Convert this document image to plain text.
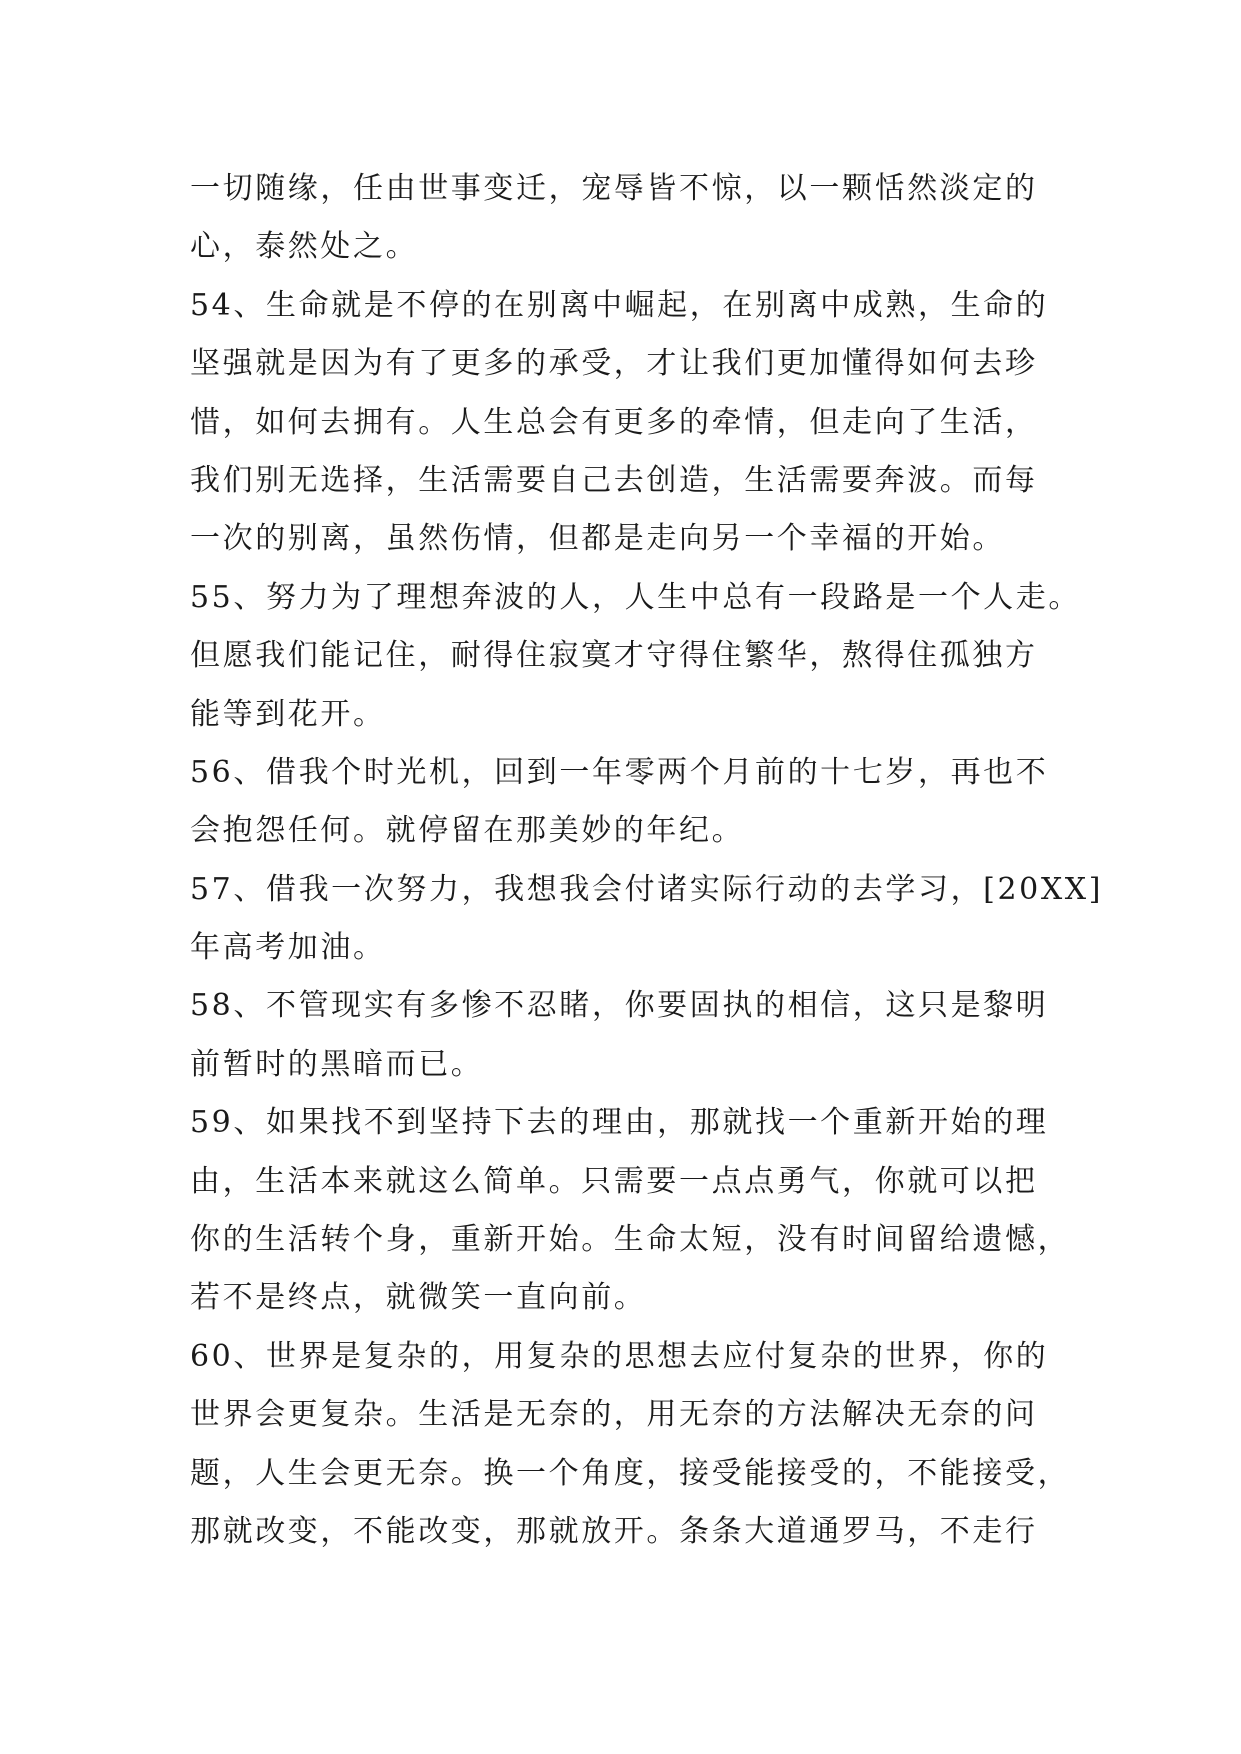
一切随缘，任由世事变迁，宠辱皆不惊，以一颗恬然淡定的
心，泰然处之。
54、生命就是不停的在别离中崛起，在别离中成熟，生命的
坚强就是因为有了更多的承受，才让我们更加懂得如何去珍
惜，如何去拥有。人生总会有更多的牵情，但走向了生活，
我们别无选择，生活需要自己去创造，生活需要奔波。而每
一次的别离，虽然伤情，但都是走向另一个幸福的开始。
55、努力为了理想奔波的人，人生中总有一段路是一个人走。
但愿我们能记住，耐得住寂寞才守得住繁华，熬得住孤独方
能等到花开。
56、借我个时光机，回到一年零两个月前的十七岁，再也不
会抱怨任何。就停留在那美妙的年纪。
57、借我一次努力，我想我会付诸实际行动的去学习，[20XX]
年高考加油。
58、不管现实有多惨不忍睹，你要固执的相信，这只是黎明
前暂时的黑暗而已。
59、如果找不到坚持下去的理由，那就找一个重新开始的理
由，生活本来就这么简单。只需要一点点勇气，你就可以把
你的生活转个身，重新开始。生命太短，没有时间留给遗憾，
若不是终点，就微笑一直向前。
60、世界是复杂的，用复杂的思想去应付复杂的世界，你的
世界会更复杂。生活是无奈的，用无奈的方法解决无奈的问
题，人生会更无奈。换一个角度，接受能接受的，不能接受，
那就改变，不能改变，那就放开。条条大道通罗马，不走行
